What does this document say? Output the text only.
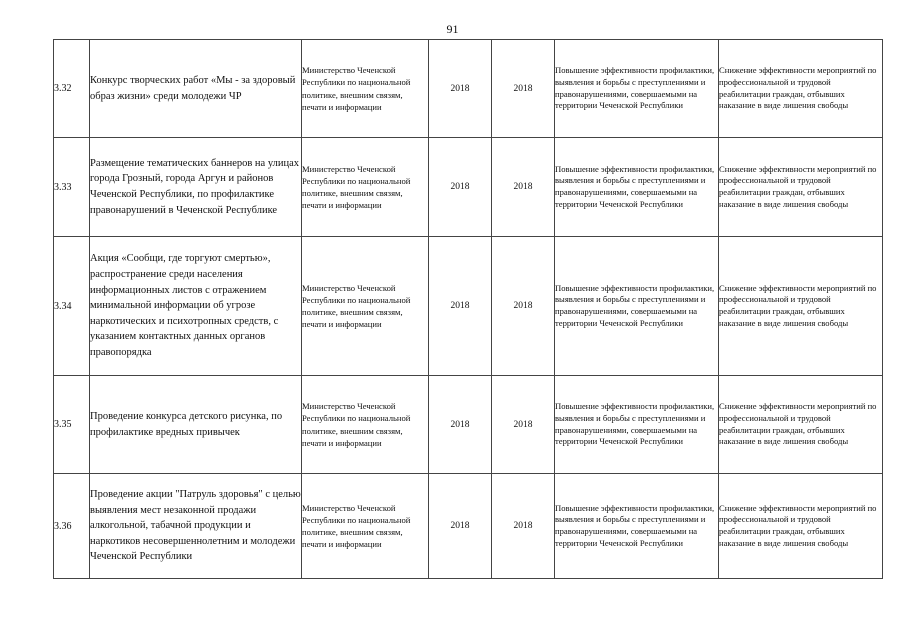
91
3.32	Конкурс творческих работ «Мы - за здоровый образ жизни» среди молодежи ЧР	Министерство Чеченской Республики по национальной политике, внешним связям, печати и информации	2018	2018	Повышение эффективности профилактики, выявления и борьбы с преступлениями и правонарушениями, совершаемыми на территории Чеченской Республики	Снижение эффективности мероприятий по профессиональной и трудовой реабилитации граждан, отбывших наказание в виде лишения свободы
3.33	Размещение тематических баннеров на улицах города Грозный, города Аргун и районов Чеченской Республики, по профилактике правонарушений в Чеченской Республике	Министерство Чеченской Республики по национальной политике, внешним связям, печати и информации	2018	2018	Повышение эффективности профилактики, выявления и борьбы с преступлениями и правонарушениями, совершаемыми на территории Чеченской Республики	Снижение эффективности мероприятий по профессиональной и трудовой реабилитации граждан, отбывших наказание в виде лишения свободы
3.34	Акция «Сообщи, где торгуют смертью», распространение среди населения информационных листов с отражением минимальной информации об угрозе наркотических и психотропных средств, с указанием контактных данных органов правопорядка	Министерство Чеченской Республики по национальной политике, внешним связям, печати и информации	2018	2018	Повышение эффективности профилактики, выявления и борьбы с преступлениями и правонарушениями, совершаемыми на территории Чеченской Республики	Снижение эффективности мероприятий по профессиональной и трудовой реабилитации граждан, отбывших наказание в виде лишения свободы
3.35	Проведение конкурса детского рисунка, по профилактике вредных привычек	Министерство Чеченской Республики по национальной политике, внешним связям, печати и информации	2018	2018	Повышение эффективности профилактики, выявления и борьбы с преступлениями и правонарушениями, совершаемыми на территории Чеченской Республики	Снижение эффективности мероприятий по профессиональной и трудовой реабилитации граждан, отбывших наказание в виде лишения свободы
3.36	Проведение акции "Патруль здоровья" с целью выявления мест незаконной продажи алкогольной, табачной продукции и наркотиков несовершеннолетним и молодежи Чеченской Республики	Министерство Чеченской Республики по национальной политике, внешним связям, печати и информации	2018	2018	Повышение эффективности профилактики, выявления и борьбы с преступлениями и правонарушениями, совершаемыми на территории Чеченской Республики	Снижение эффективности мероприятий по профессиональной и трудовой реабилитации граждан, отбывших наказание в виде лишения свободы
